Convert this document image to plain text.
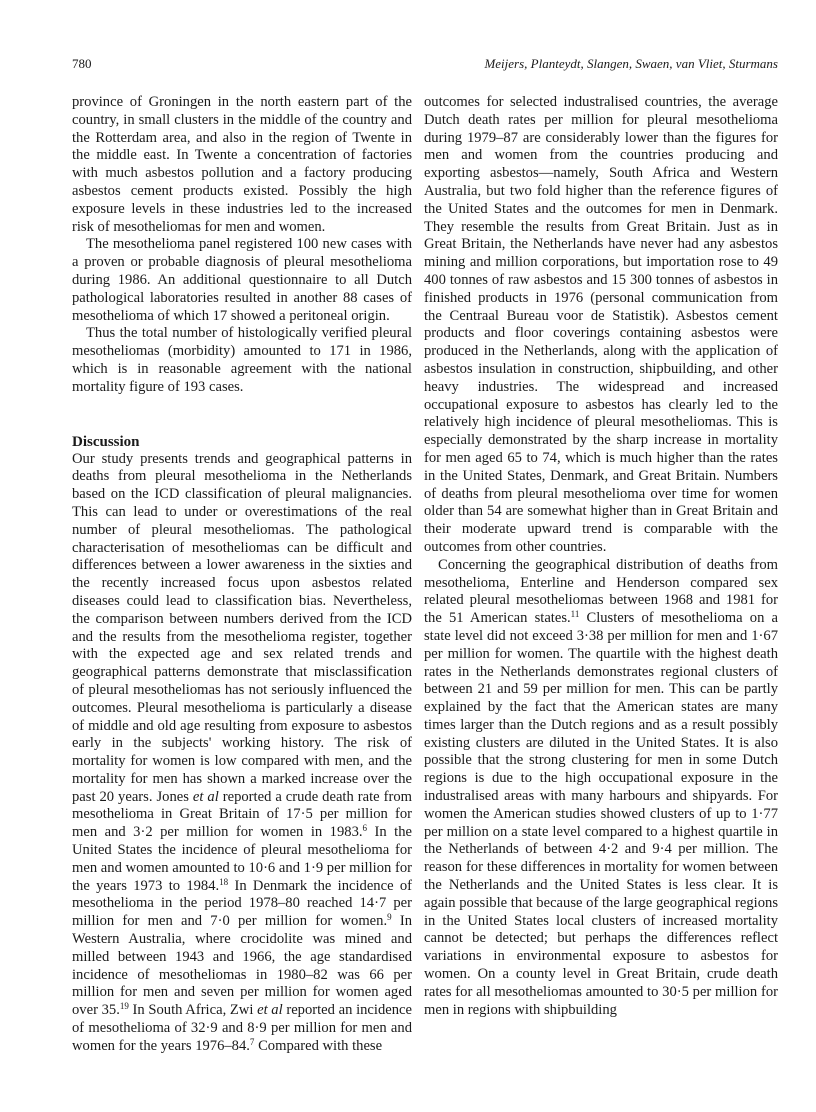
780	Meijers, Planteydt, Slangen, Swaen, van Vliet, Sturmans

province of Groningen in the north eastern part of the country, in small clusters in the middle of the country and the Rotterdam area, and also in the region of Twente in the middle east. In Twente a concentration of factories with much asbestos pollution and a factory producing asbestos cement products existed. Possibly the high exposure levels in these industries led to the increased risk of mesotheliomas for men and women.

The mesothelioma panel registered 100 new cases with a proven or probable diagnosis of pleural mesothelioma during 1986. An additional questionnaire to all Dutch pathological laboratories resulted in another 88 cases of mesothelioma of which 17 showed a peritoneal origin.

Thus the total number of histologically verified pleural mesotheliomas (morbidity) amounted to 171 in 1986, which is in reasonable agreement with the national mortality figure of 193 cases.

Discussion

Our study presents trends and geographical patterns in deaths from pleural mesothelioma in the Netherlands based on the ICD classification of pleural malignancies. This can lead to under or overestimations of the real number of pleural mesotheliomas. The pathological characterisation of mesotheliomas can be difficult and differences between a lower awareness in the sixties and the recently increased focus upon asbestos related diseases could lead to classification bias. Nevertheless, the comparison between numbers derived from the ICD and the results from the mesothelioma register, together with the expected age and sex related trends and geographical patterns demonstrate that misclassification of pleural mesotheliomas has not seriously influenced the outcomes. Pleural mesothelioma is particularly a disease of middle and old age resulting from exposure to asbestos early in the subjects' working history. The risk of mortality for women is low compared with men, and the mortality for men has shown a marked increase over the past 20 years. Jones et al reported a crude death rate from mesothelioma in Great Britain of 17·5 per million for men and 3·2 per million for women in 1983.$^6$ In the United States the incidence of pleural mesothelioma for men and women amounted to 10·6 and 1·9 per million for the years 1973 to 1984.18 In Denmark the incidence of mesothelioma in the period 1978–80 reached 14·7 per million for men and 7·0 per million for women.$^9$ In Western Australia, where crocidolite was mined and milled between 1943 and 1966, the age standardised incidence of mesotheliomas in 1980–82 was 66 per million for men and seven per million for women aged over 35.19 In South Africa, Zwi et al reported an incidence of mesothelioma of 32·9 and 8·9 per million for men and women for the years 1976–84.$^7$ Compared with these

outcomes for selected industralised countries, the average Dutch death rates per million for pleural mesothelioma during 1979–87 are considerably lower than the figures for men and women from the countries producing and exporting asbestos—namely, South Africa and Western Australia, but two fold higher than the reference figures of the United States and the outcomes for men in Denmark. They resemble the results from Great Britain. Just as in Great Britain, the Netherlands have never had any asbestos mining and million corporations, but importation rose to 49 400 tonnes of raw asbestos and 15 300 tonnes of asbestos in finished products in 1976 (personal communication from the Centraal Bureau voor de Statistik). Asbestos cement products and floor coverings containing asbestos were produced in the Netherlands, along with the application of asbestos insulation in construction, shipbuilding, and other heavy industries. The widespread and increased occupational exposure to asbestos has clearly led to the relatively high incidence of pleural mesotheliomas. This is especially demonstrated by the sharp increase in mortality for men aged 65 to 74, which is much higher than the rates in the United States, Denmark, and Great Britain. Numbers of deaths from pleural mesothelioma over time for women older than 54 are somewhat higher than in Great Britain and their moderate upward trend is comparable with the outcomes from other countries.

Concerning the geographical distribution of deaths from mesothelioma, Enterline and Henderson compared sex related pleural mesotheliomas between 1968 and 1981 for the 51 American states.$^{11}$ Clusters of mesothelioma on a state level did not exceed 3·38 per million for men and 1·67 per million for women. The quartile with the highest death rates in the Netherlands demonstrates regional clusters of between 21 and 59 per million for men. This can be partly explained by the fact that the American states are many times larger than the Dutch regions and as a result possibly existing clusters are diluted in the United States. It is also possible that the strong clustering for men in some Dutch regions is due to the high occupational exposure in the industralised areas with many harbours and shipyards. For women the American studies showed clusters of up to 1·77 per million on a state level compared to a highest quartile in the Netherlands of between 4·2 and 9·4 per million. The reason for these differences in mortality for women between the Netherlands and the United States is less clear. It is again possible that because of the large geographical regions in the United States local clusters of increased mortality cannot be detected; but perhaps the differences reflect variations in environmental exposure to asbestos for women. On a county level in Great Britain, crude death rates for all mesotheliomas amounted to 30·5 per million for men in regions with shipbuilding
